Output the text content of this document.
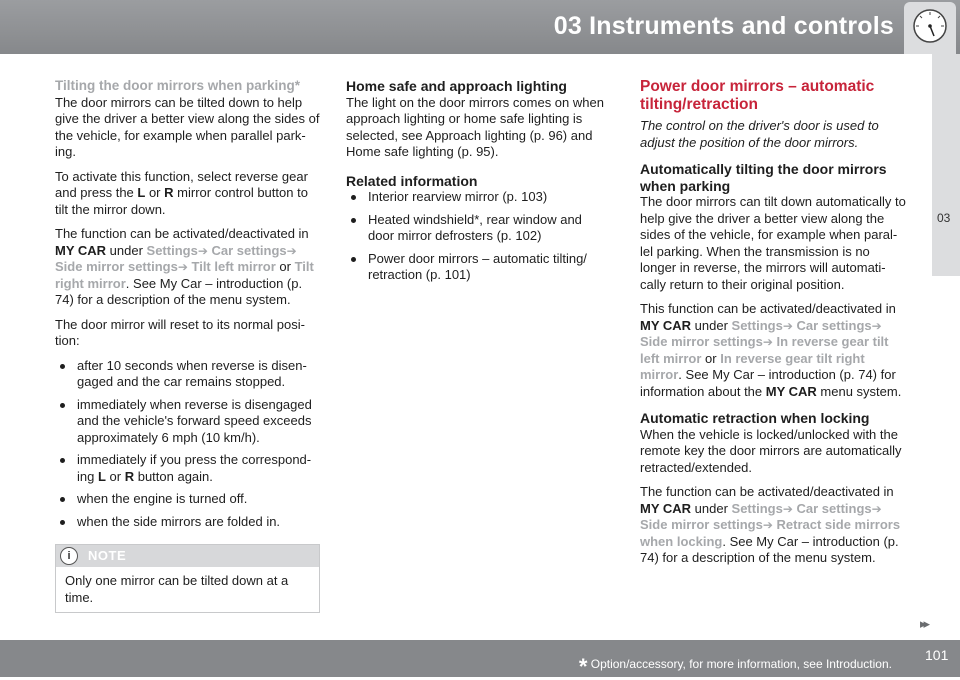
03 Instruments and controls
03
Tilting the door mirrors when parking*

The door mirrors can be tilted down to help give the driver a better view along the sides of the vehicle, for example when parallel park-ing.

To activate this function, select reverse gear and press the L or R mirror control button to tilt the mirror down.

The function can be activated/deactivated in MY CAR under Settings➔ Car settings➔ Side mirror settings➔ Tilt left mirror or Tilt right mirror. See My Car – introduction (p. 74) for a description of the menu system.

The door mirror will reset to its normal posi-tion:

after 10 seconds when reverse is disen-gaged and the car remains stopped.
immediately when reverse is disengaged and the vehicle's forward speed exceeds approximately 6 mph (10 km/h).
immediately if you press the correspond-ing L or R button again.
when the engine is turned off.
when the side mirrors are folded in.
i	NOTE
Only one mirror can be tilted down at a time.
Home safe and approach lighting

The light on the door mirrors comes on when approach lighting or home safe lighting is selected, see Approach lighting (p. 96) and Home safe lighting (p. 95).

Related information
Interior rearview mirror (p. 103)
Heated windshield*, rear window and door mirror defrosters (p. 102)
Power door mirrors – automatic tilting/ retraction (p. 101)
Power door mirrors – automatic tilting/retraction

The control on the driver's door is used to adjust the position of the door mirrors.

Automatically tilting the door mirrors when parking

The door mirrors can tilt down automatically to help give the driver a better view along the sides of the vehicle, for example when paral-lel parking. When the transmission is no longer in reverse, the mirrors will automati-cally return to their original position.

This function can be activated/deactivated in MY CAR under Settings➔ Car settings➔ Side mirror settings➔ In reverse gear tilt left mirror or In reverse gear tilt right mirror. See My Car – introduction (p. 74) for information about the MY CAR menu system.

Automatic retraction when locking

When the vehicle is locked/unlocked with the remote key the door mirrors are automatically retracted/extended.

The function can be activated/deactivated in MY CAR under Settings➔ Car settings➔ Side mirror settings➔ Retract side mirrors when locking. See My Car – introduction (p. 74) for a description of the menu system.

▸▸
* Option/accessory, for more information, see Introduction.
101
